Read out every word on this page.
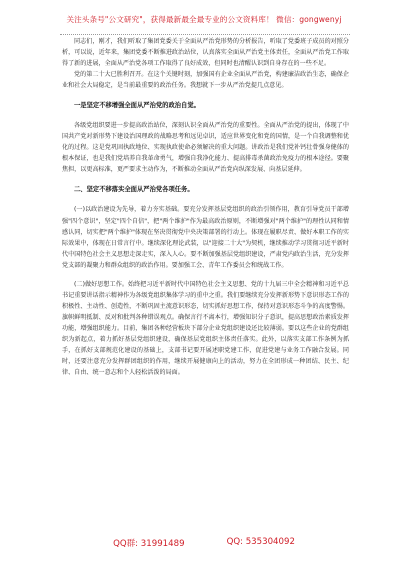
关注头条号"公文研究"，获得最新最全最专业的公文资料库！ 微信：gongwenyj

同志们，刚才，我们听取了集团党委关于全面从严治党形势的分析报告，听取了党委班子成员的对照分析，可以说，近年来，集团党委不断推进政治站位，认真落实全面从严治党主体责任，全面从严治党工作取得了新的进展，全面从严治党各项工作取得了良好成效，但同时也清醒认识到自身存在的一些不足。

党的第二十大已胜利召开。在这个关键时刻，加强国有企业全面从严治党，构建廉洁政治生态，确保企业和社会大局稳定，是当前最重要的政治任务。我想就下一步从严治党提几点意见。

一是坚定不移增强全面从严治党的政治自觉。

各级党组织要进一步提高政治站位，深刻认识全面从严治党的重要性。全面从严治党的提出，体现了中国共产党对新形势下建设治国理政的战略思考和远见卓识，适应世界变化和党的国情，是一个自我调整和优化的过程。这是党巩固执政地位、实现执政使命必须解决的重大问题。讲政治是我们党补钙壮骨强身健体的根本保证，也是我们党培养自我革命勇气，增强自我净化能力、提高排毒杀菌政治免疫力的根本途径。要聚焦担，以更高标准，更严要求主动作为，不断推动全面从严治党向纵深发展、向基层延伸。

二、坚定不移落实全面从严治党各项任务。

(一)以政治建设为先导，着力夯实基础。要充分发挥基层党组织的政治引领作用，教育引导党员干部增强"四个意识"，坚定"四个自信"，把"两个维护"作为最高政治原则，不断增强对"两个维护"的理性认同和情感认同，切实把"两个维护"体现在坚决贯彻党中央决策部署的行动上。体现在履职尽责、做好本职工作的实际效果中，体现在日常言行中。继续深化理论武装，以"迎接二十大"为契机，继续推动学习贯彻习近平新时代中国特色社会主义思想走深走实，深入人心。要不断加强基层党组织建设，严肃党内政治生活，充分发挥党支部的凝聚力和群众组织的政治作用。要加强工会、青年工作委员会和统战工作。

(二)做好思想工作。始终把习近平新时代中国特色社会主义思想、党的十九届三中全会精神和习近平总书记重要讲话指示精神作为各级党组织集体学习的重中之重。我们要继续充分发挥新形势下意识形态工作的积极性、主动性、创造性，不断巩固主流意识形态，切实抓好思想工作，保持对意识形态斗争的高度警惕。旗帜鲜明抵制、反对和批判各种错误观点。确保言行不离本行，增强知识分子意识，提高思想政治素质发挥功能，增强组织能力。目前，集团各种经营板块下部分企业党组织建设还比较薄弱。要以这些企业的党群组织为新起点，着力抓好基层党组织建设，确保基层党组织主体责任落实。此外，以落实支部工作条例为抓手，在抓好支部规范化建设的基础上，支部书记要开展述职党建工作，促进党建与业务工作融合发展。同时，还要注意充分发挥群团组织的作用，继续开展健康向上的活动，努力在全团形成一种团结、民主、纪律、自由、统一意志和个人轻松活泼的局面。

QQ群: 31991489	QQ: 535304092
